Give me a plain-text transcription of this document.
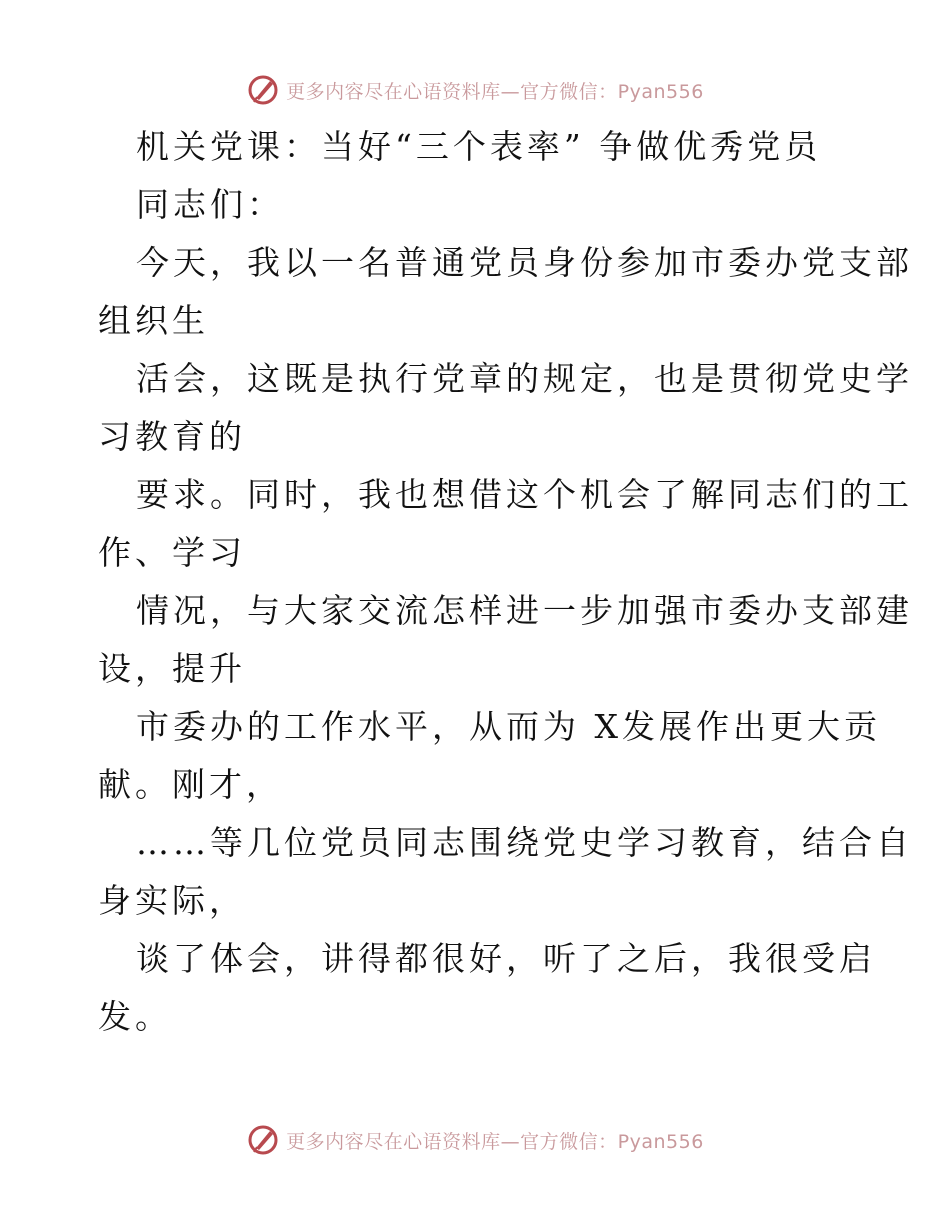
更多内容尽在心语资料库—官方微信：Pyan556
机关党课：当好“三个表率” 争做优秀党员
同志们：
今天，我以一名普通党员身份参加市委办党支部
组织生
活会，这既是执行党章的规定，也是贯彻党史学
习教育的
要求。同时，我也想借这个机会了解同志们的工
作、学习
情况，与大家交流怎样进一步加强市委办支部建
设，提升
市委办的工作水平，从而为 X发展作出更大贡
献。刚才，
……等几位党员同志围绕党史学习教育，结合自
身实际，
谈了体会，讲得都很好，听了之后，我很受启
发。
更多内容尽在心语资料库—官方微信：Pyan556
